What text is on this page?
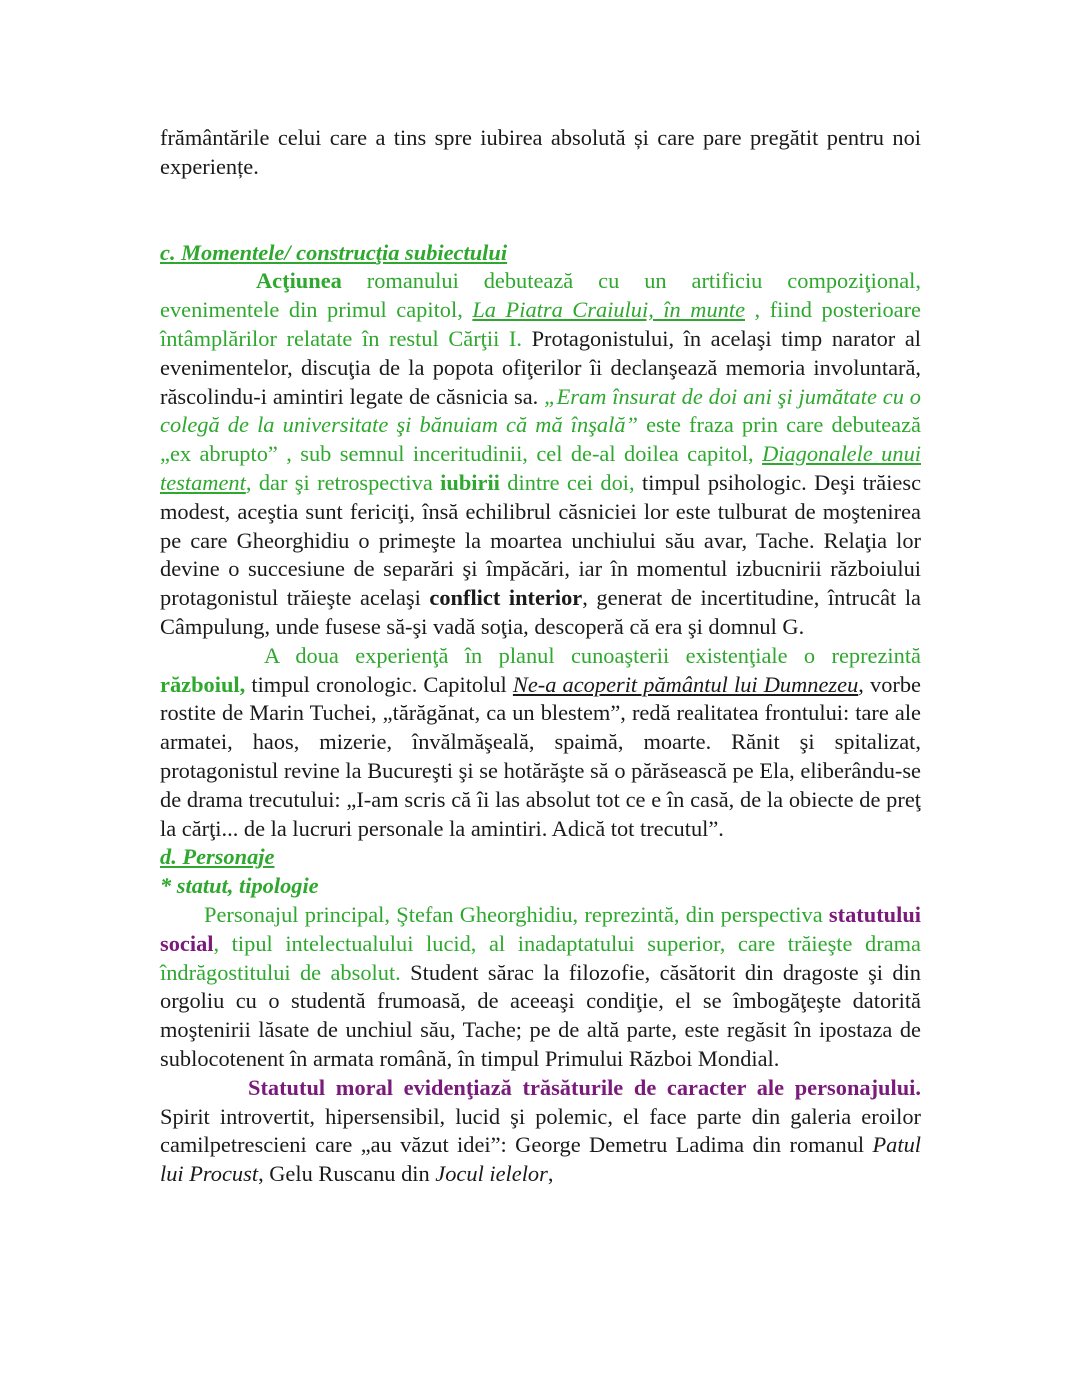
frământările celui care a tins spre iubirea absolută și care pare pregătit pentru noi experiențe.

c. Momentele/ construcţia subiectului

Acţiunea romanului debutează cu un artificiu compoziţional, evenimentele din primul capitol, La Piatra Craiului, în munte , fiind posterioare întâmplărilor relatate în restul Cărţii I. Protagonistului, în acelaşi timp narator al evenimentelor, discuţia de la popota ofiţerilor îi declanşează memoria involuntară, răscolindu-i amintiri legate de căsnicia sa. „Eram însurat de doi ani şi jumătate cu o colegă de la universitate şi bănuiam că mă înşală” este fraza prin care debutează „ex abrupto” , sub semnul inceritudinii, cel de-al doilea capitol, Diagonalele unui testament, dar şi retrospectiva iubirii dintre cei doi, timpul psihologic. Deşi trăiesc modest, aceştia sunt fericiţi, însă echilibrul căsniciei lor este tulburat de moştenirea pe care Gheorghidiu o primeşte la moartea unchiului său avar, Tache. Relaţia lor devine o succesiune de separări şi împăcări, iar în momentul izbucnirii războiului protagonistul trăieşte acelaşi conflict interior, generat de incertitudine, întrucât la Câmpulung, unde fusese să-şi vadă soţia, descoperă că era şi domnul G.

A doua experienţă în planul cunoaşterii existenţiale o reprezintă războiul, timpul cronologic. Capitolul Ne-a acoperit pământul lui Dumnezeu, vorbe rostite de Marin Tuchei, „tărăgănat, ca un blestem”, redă realitatea frontului: tare ale armatei, haos, mizerie, învălmăşeală, spaimă, moarte. Rănit şi spitalizat, protagonistul revine la Bucureşti şi se hotărăşte să o părăsească pe Ela, eliberându-se de drama trecutului: „I-am scris că îi las absolut tot ce e în casă, de la obiecte de preţ la cărţi... de la lucruri personale la amintiri. Adică tot trecutul”.

d. Personaje

* statut, tipologie

Personajul principal, Ştefan Gheorghidiu, reprezintă, din perspectiva statutului social, tipul intelectualului lucid, al inadaptatului superior, care trăieşte drama îndrăgostitului de absolut. Student sărac la filozofie, căsătorit din dragoste şi din orgoliu cu o studentă frumoasă, de aceeaşi condiţie, el se îmbogăţeşte datorită moştenirii lăsate de unchiul său, Tache; pe de altă parte, este regăsit în ipostaza de sublocotenent în armata română, în timpul Primului Război Mondial.

Statutul moral evidenţiază trăsăturile de caracter ale personajului. Spirit introvertit, hipersensibil, lucid şi polemic, el face parte din galeria eroilor camilpetrescieni care „au văzut idei”: George Demetru Ladima din romanul Patul lui Procust, Gelu Ruscanu din Jocul ielelor,
